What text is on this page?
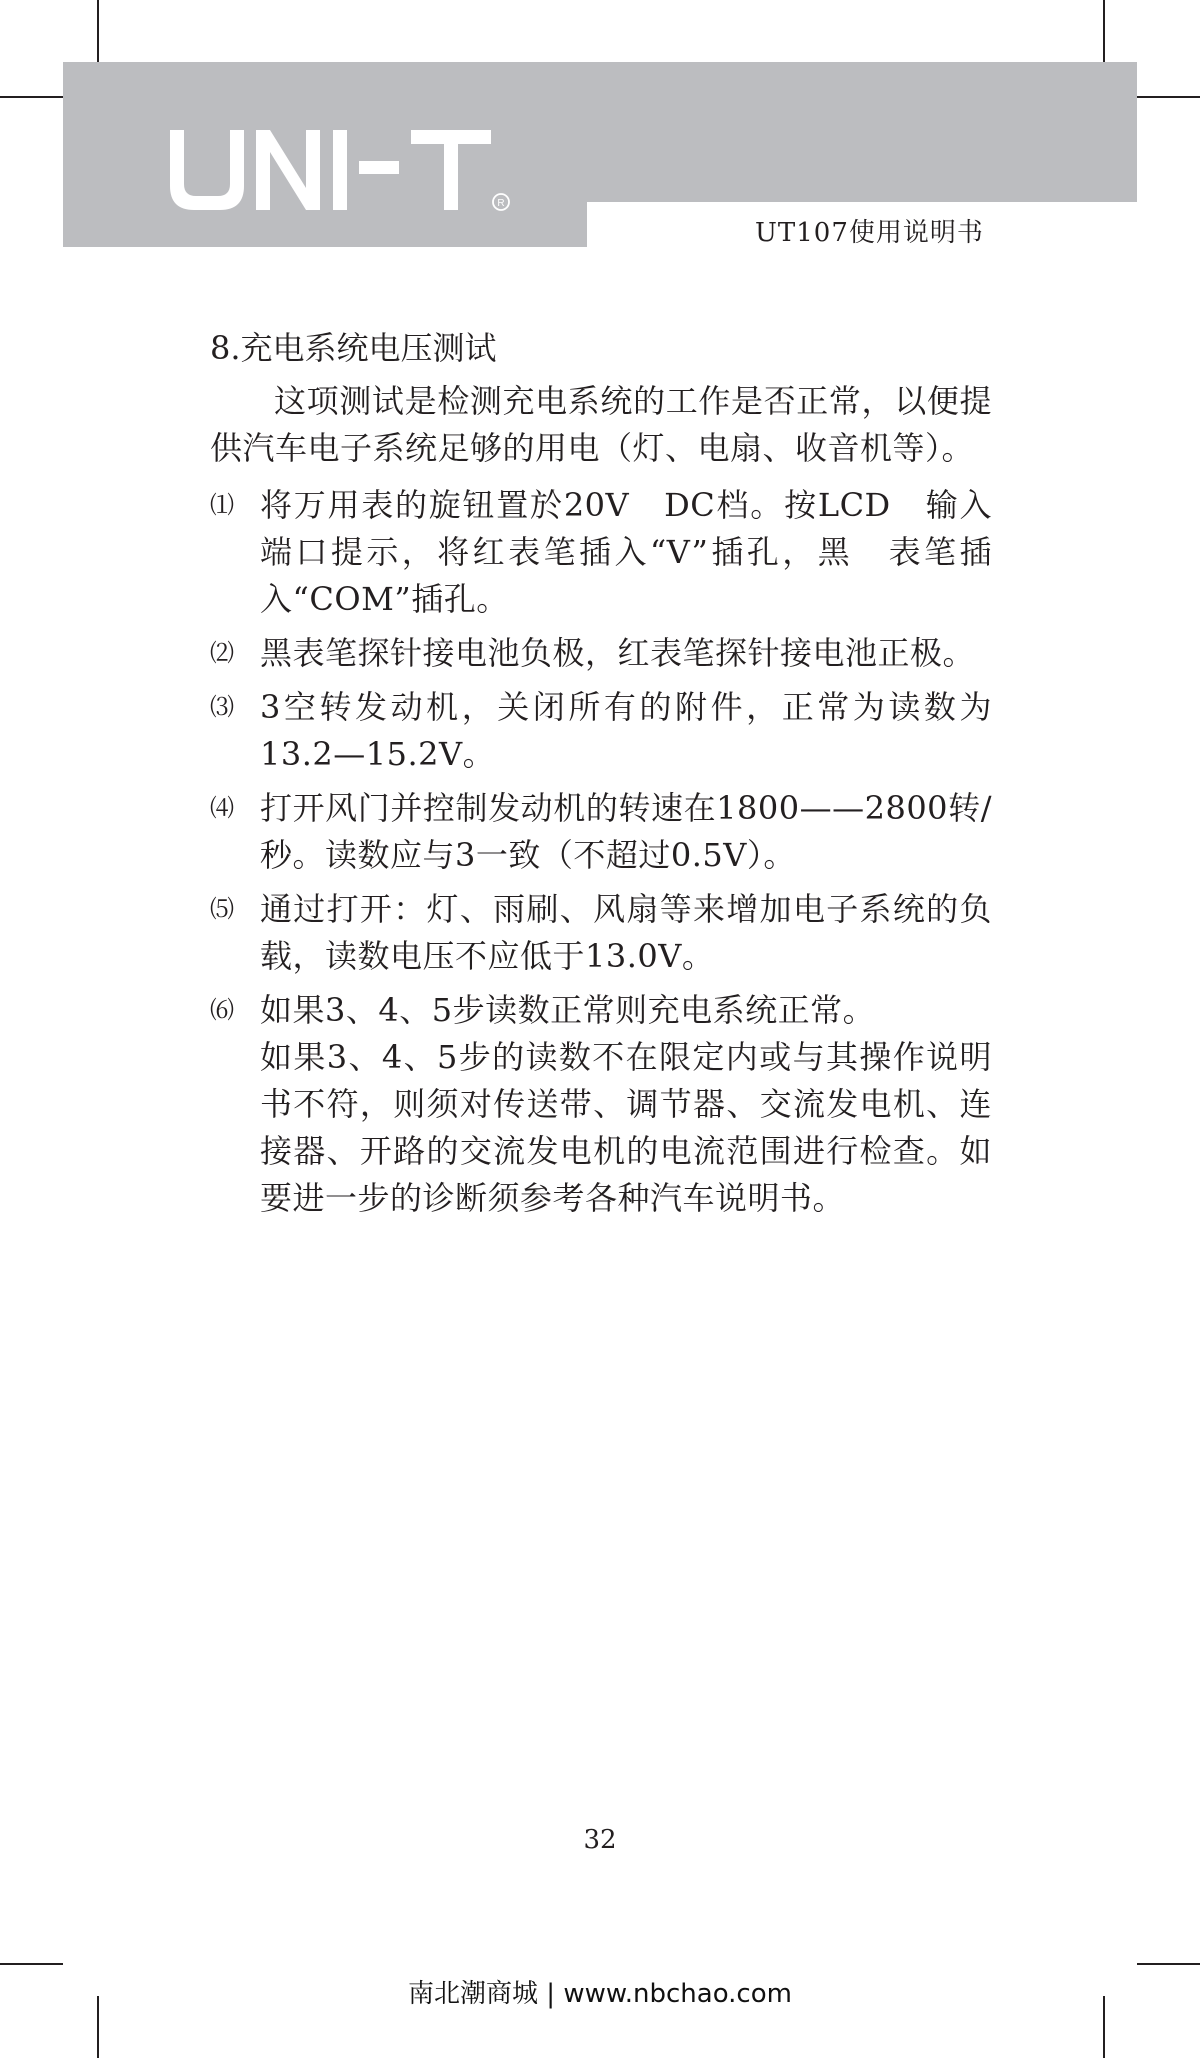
R
UT107使用说明书
8.充电系统电压测试

这项测试是检测充电系统的工作是否正常，以便提供汽车电子系统足够的用电（灯、电扇、收音机等）。

⑴ 将万用表的旋钮置於20V　DC档。按LCD　输入端口提示，将红表笔插入“V”插孔，黑　表笔插入“COM”插孔。
⑵ 黑表笔探针接电池负极，红表笔探针接电池正极。
⑶ 3空转发动机，关闭所有的附件，正常为读数为13.2—15.2V。
⑷ 打开风门并控制发动机的转速在1800——2800转/秒。读数应与3一致（不超过0.5V）。
⑸ 通过打开：灯、雨刷、风扇等来增加电子系统的负载，读数电压不应低于13.0V。
⑹ 如果3、4、5步读数正常则充电系统正常。

如果3、4、5步的读数不在限定内或与其操作说明书不符，则须对传送带、调节器、交流发电机、连接器、开路的交流发电机的电流范围进行检查。如要进一步的诊断须参考各种汽车说明书。

32
南北潮商城 | www.nbchao.com
